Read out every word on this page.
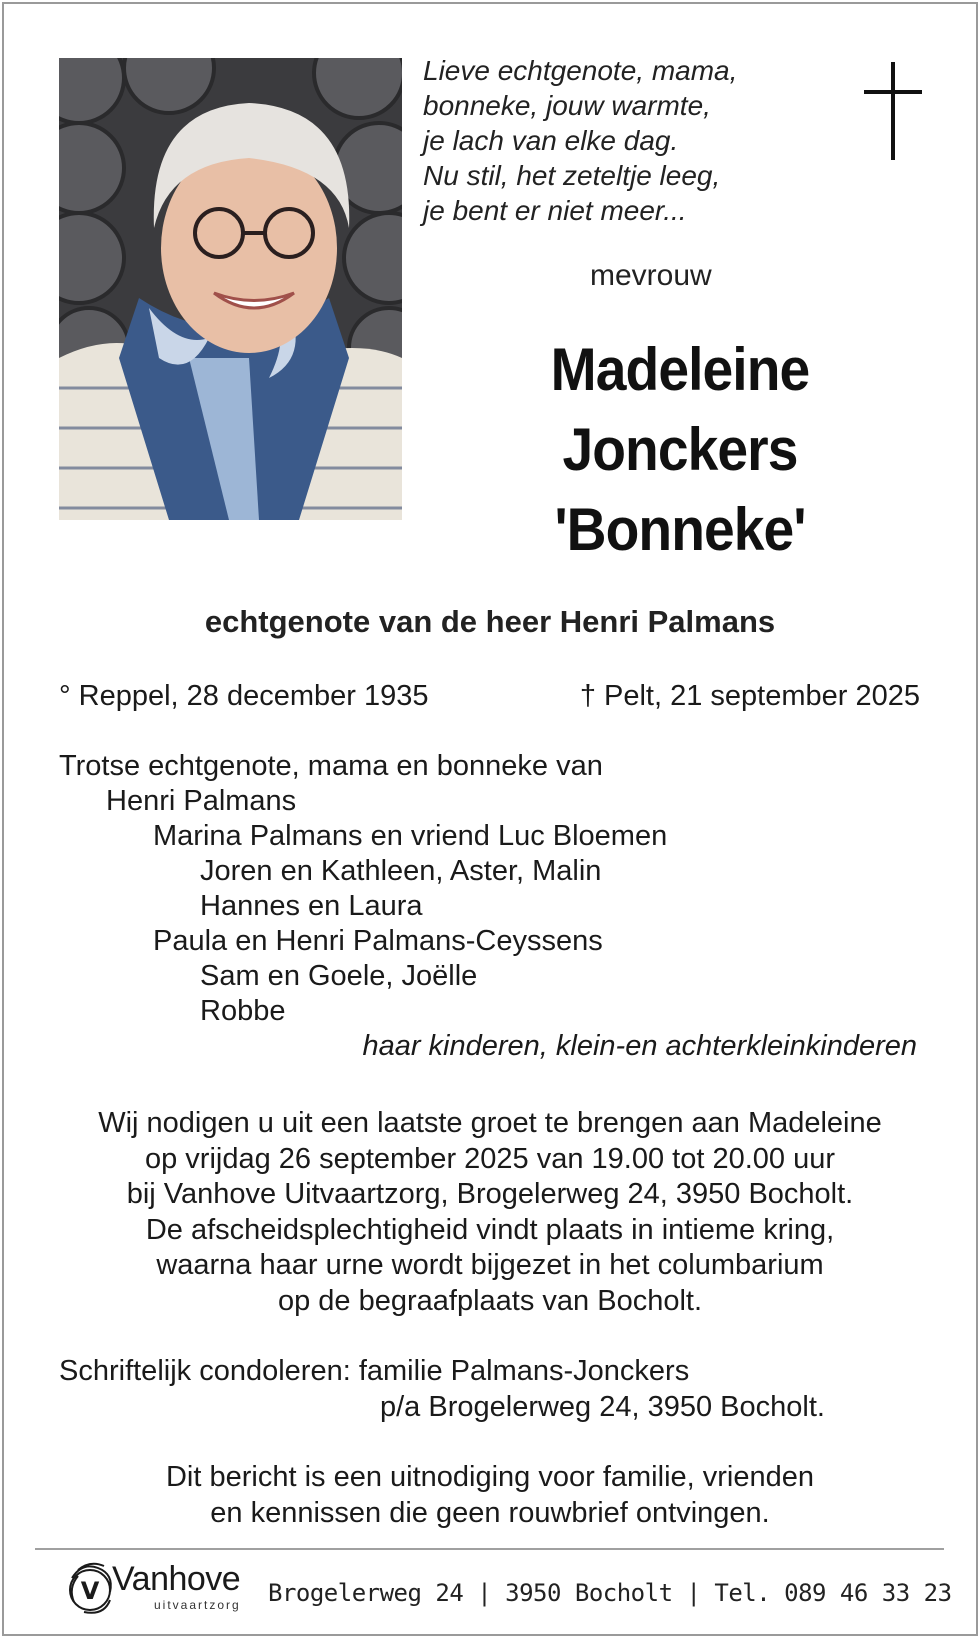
Lieve echtgenote, mama,
bonneke, jouw warmte,
je lach van elke dag.
Nu stil, het zeteltje leeg,
je bent er niet meer...
mevrouw
Madeleine
Jonckers
'Bonneke'
echtgenote van de heer Henri Palmans
° Reppel, 28 december 1935	† Pelt, 21 september 2025
Trotse echtgenote, mama en bonneke van
Henri Palmans
Marina Palmans en vriend Luc Bloemen
Joren en Kathleen, Aster, Malin
Hannes en Laura
Paula en Henri Palmans-Ceyssens
Sam en Goele, Joëlle
Robbe
haar kinderen, klein-en achterkleinkinderen
Wij nodigen u uit een laatste groet te brengen aan Madeleine
op vrijdag 26 september 2025 van 19.00 tot 20.00 uur
bij Vanhove Uitvaartzorg, Brogelerweg 24, 3950 Bocholt.
De afscheidsplechtigheid vindt plaats in intieme kring,
waarna haar urne wordt bijgezet in het columbarium
op de begraafplaats van Bocholt.
Schriftelijk condoleren: familie Palmans-Jonckers
p/a Brogelerweg 24, 3950 Bocholt.
Dit bericht is een uitnodiging voor familie, vrienden
en kennissen die geen rouwbrief ontvingen.
V Vanhove
uitvaartzorg Brogelerweg 24 | 3950 Bocholt | Tel. 089 46 33 23
